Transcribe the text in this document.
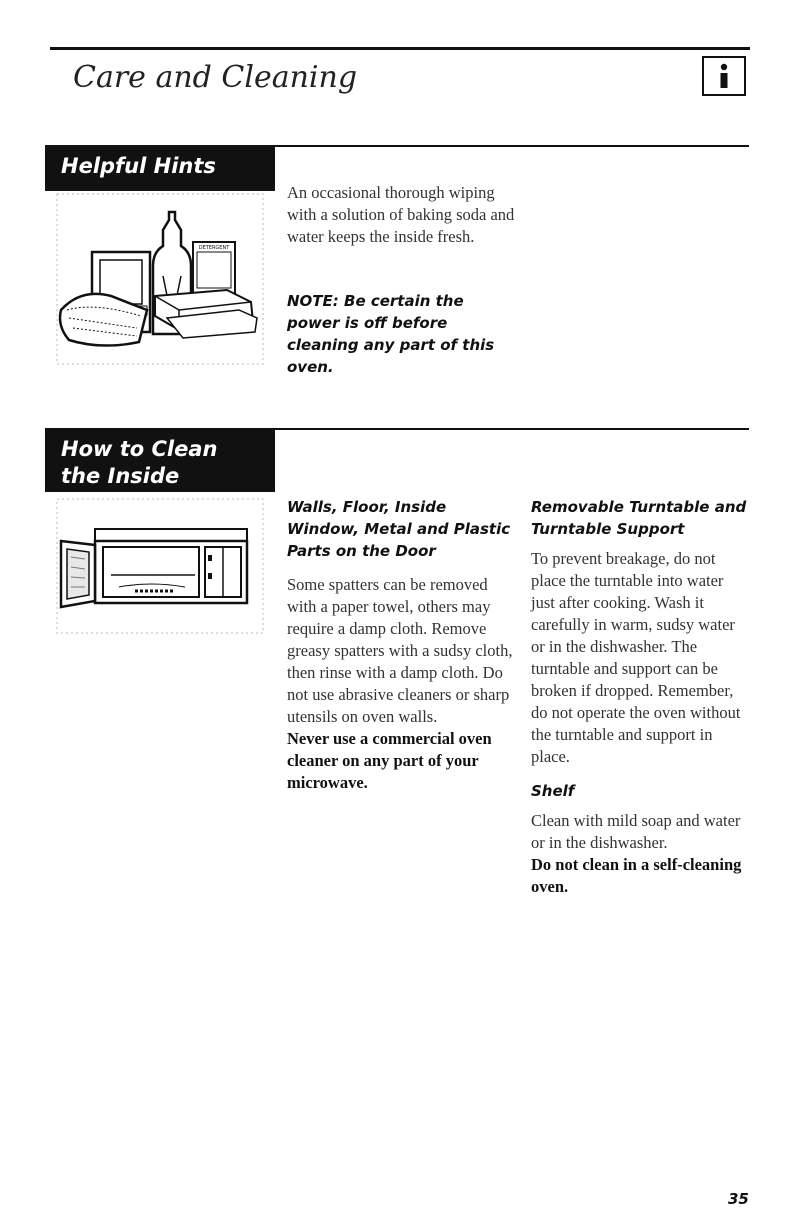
Care and Cleaning
Helpful Hints
DETERGENT
An occasional thorough wiping with a solution of baking soda and water keeps the inside fresh.
NOTE: Be certain the power is off before cleaning any part of this oven.
How to Clean
the Inside
Walls, Floor, Inside Window, Metal and Plastic Parts on the Door
Some spatters can be removed with a paper towel, others may require a damp cloth. Remove greasy spatters with a sudsy cloth, then rinse with a damp cloth. Do not use abrasive cleaners or sharp utensils on oven walls.
Never use a commercial oven cleaner on any part of your microwave.
Removable Turntable and Turntable Support
To prevent breakage, do not place the turntable into water just after cooking. Wash it carefully in warm, sudsy water or in the dishwasher. The turntable and support can be broken if dropped. Remember, do not operate the oven without the turntable and support in place.
Shelf
Clean with mild soap and water or in the dishwasher.
Do not clean in a self-cleaning oven.
35
